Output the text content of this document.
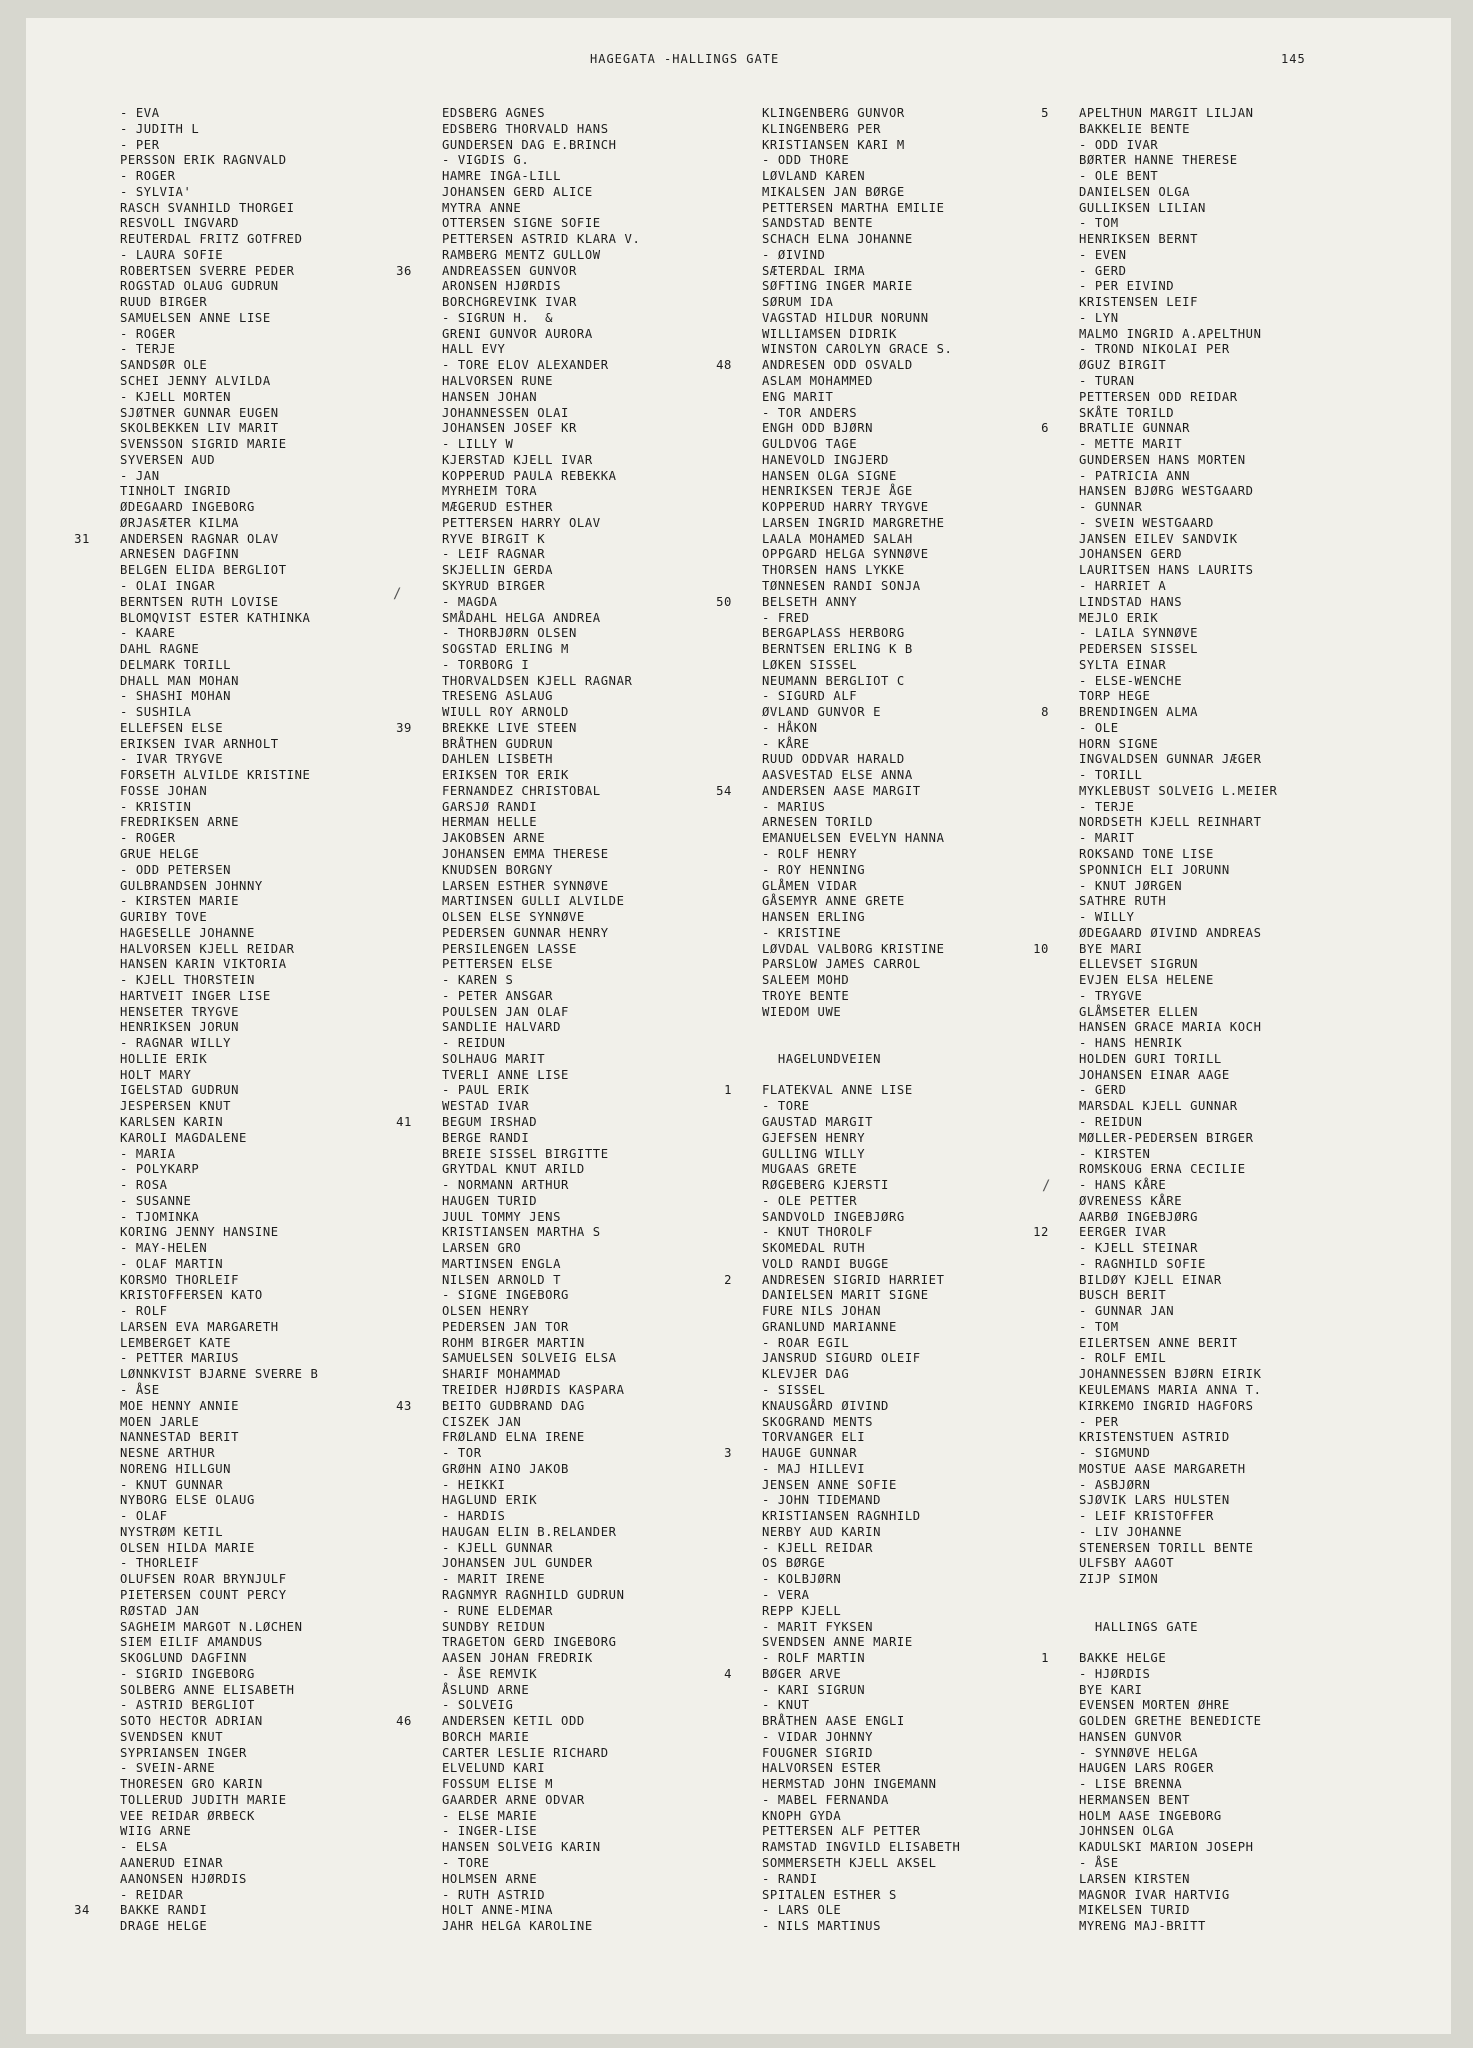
HAGEGATA -HALLINGS GATE	145
- EVA
- JUDITH L
- PER
PERSSON ERIK RAGNVALD
- ROGER
- SYLVIA'
RASCH SVANHILD THORGEI
RESVOLL INGVARD
REUTERDAL FRITZ GOTFRED
- LAURA SOFIE
ROBERTSEN SVERRE PEDER
ROGSTAD OLAUG GUDRUN
RUUD BIRGER
SAMUELSEN ANNE LISE
- ROGER
- TERJE
SANDSØR OLE
SCHEI JENNY ALVILDA
- KJELL MORTEN
SJØTNER GUNNAR EUGEN
SKOLBEKKEN LIV MARIT
SVENSSON SIGRID MARIE
SYVERSEN AUD
- JAN
TINHOLT INGRID
ØDEGAARD INGEBORG
ØRJASÆTER KILMA
31 ANDERSEN RAGNAR OLAV
ARNESEN DAGFINN
BELGEN ELIDA BERGLIOT
- OLAI INGAR
BERNTSEN RUTH LOVISE
BLOMQVIST ESTER KATHINKA
- KAARE
DAHL RAGNE
DELMARK TORILL
DHALL MAN MOHAN
- SHASHI MOHAN
- SUSHILA
ELLEFSEN ELSE
ERIKSEN IVAR ARNHOLT
- IVAR TRYGVE
FORSETH ALVILDE KRISTINE
FOSSE JOHAN
- KRISTIN
FREDRIKSEN ARNE
- ROGER
GRUE HELGE
- ODD PETERSEN
GULBRANDSEN JOHNNY
- KIRSTEN MARIE
GURIBY TOVE
HAGESELLE JOHANNE
HALVORSEN KJELL REIDAR
HANSEN KARIN VIKTORIA
- KJELL THORSTEIN
HARTVEIT INGER LISE
HENSETER TRYGVE
HENRIKSEN JORUN
- RAGNAR WILLY
HOLLIE ERIK
HOLT MARY
IGELSTAD GUDRUN
JESPERSEN KNUT
KARLSEN KARIN
KAROLI MAGDALENE
- MARIA
- POLYKARP
- ROSA
- SUSANNE
- TJOMINKA
KORING JENNY HANSINE
- MAY-HELEN
- OLAF MARTIN
KORSMO THORLEIF
KRISTOFFERSEN KATO
- ROLF
LARSEN EVA MARGARETH
LEMBERGET KATE
- PETTER MARIUS
LØNNKVIST BJARNE SVERRE B
- ÅSE
MOE HENNY ANNIE
MOEN JARLE
NANNESTAD BERIT
NESNE ARTHUR
NORENG HILLGUN
- KNUT GUNNAR
NYBORG ELSE OLAUG
- OLAF
NYSTRØM KETIL
OLSEN HILDA MARIE
- THORLEIF
OLUFSEN ROAR BRYNJULF
PIETERSEN COUNT PERCY
RØSTAD JAN
SAGHEIM MARGOT N.LØCHEN
SIEM EILIF AMANDUS
SKOGLUND DAGFINN
- SIGRID INGEBORG
SOLBERG ANNE ELISABETH
- ASTRID BERGLIOT
SOTO HECTOR ADRIAN
SVENDSEN KNUT
SYPRIANSEN INGER
- SVEIN-ARNE
THORESEN GRO KARIN
TOLLERUD JUDITH MARIE
VEE REIDAR ØRBECK
WIIG ARNE
- ELSA
AANERUD EINAR
AANONSEN HJØRDIS
- REIDAR
34 BAKKE RANDI
DRAGE HELGE
EDSBERG AGNES
EDSBERG THORVALD HANS
GUNDERSEN DAG E.BRINCH
- VIGDIS G.
HAMRE INGA-LILL
JOHANSEN GERD ALICE
MYTRA ANNE
OTTERSEN SIGNE SOFIE
PETTERSEN ASTRID KLARA V.
RAMBERG MENTZ GULLOW
36 ANDREASSEN GUNVOR
ARONSEN HJØRDIS
BORCHGREVINK IVAR
- SIGRUN H.  &
GRENI GUNVOR AURORA
HALL EVY
- TORE ELOV ALEXANDER
HALVORSEN RUNE
HANSEN JOHAN
JOHANNESSEN OLAI
JOHANSEN JOSEF KR
- LILLY W
KJERSTAD KJELL IVAR
KOPPERUD PAULA REBEKKA
MYRHEIM TORA
MÆGERUD ESTHER
PETTERSEN HARRY OLAV
RYVE BIRGIT K
- LEIF RAGNAR
SKJELLIN GERDA
SKYRUD BIRGER
- MAGDA
SMÅDAHL HELGA ANDREA
- THORBJØRN OLSEN
SOGSTAD ERLING M
- TORBORG I
THORVALDSEN KJELL RAGNAR
TRESENG ASLAUG
WIULL ROY ARNOLD
39 BREKKE LIVE STEEN
BRÅTHEN GUDRUN
DAHLEN LISBETH
ERIKSEN TOR ERIK
FERNANDEZ CHRISTOBAL
GARSJØ RANDI
HERMAN HELLE
JAKOBSEN ARNE
JOHANSEN EMMA THERESE
KNUDSEN BORGNY
LARSEN ESTHER SYNNØVE
MARTINSEN GULLI ALVILDE
OLSEN ELSE SYNNØVE
PEDERSEN GUNNAR HENRY
PERSILENGEN LASSE
PETTERSEN ELSE
- KAREN S
- PETER ANSGAR
POULSEN JAN OLAF
SANDLIE HALVARD
- REIDUN
SOLHAUG MARIT
TVERLI ANNE LISE
- PAUL ERIK
WESTAD IVAR
41 BEGUM IRSHAD
BERGE RANDI
BREIE SISSEL BIRGITTE
GRYTDAL KNUT ARILD
- NORMANN ARTHUR
HAUGEN TURID
JUUL TOMMY JENS
KRISTIANSEN MARTHA S
LARSEN GRO
MARTINSEN ENGLA
NILSEN ARNOLD T
- SIGNE INGEBORG
OLSEN HENRY
PEDERSEN JAN TOR
ROHM BIRGER MARTIN
SAMUELSEN SOLVEIG ELSA
SHARIF MOHAMMAD
TREIDER HJØRDIS KASPARA
43 BEITO GUDBRAND DAG
CISZEK JAN
FRØLAND ELNA IRENE
- TOR
GRØHN AINO JAKOB
- HEIKKI
HAGLUND ERIK
- HARDIS
HAUGAN ELIN B.RELANDER
- KJELL GUNNAR
JOHANSEN JUL GUNDER
- MARIT IRENE
RAGNMYR RAGNHILD GUDRUN
- RUNE ELDEMAR
SUNDBY REIDUN
TRAGETON GERD INGEBORG
AASEN JOHAN FREDRIK
- ÅSE REMVIK
ÅSLUND ARNE
- SOLVEIG
46 ANDERSEN KETIL ODD
BORCH MARIE
CARTER LESLIE RICHARD
ELVELUND KARI
FOSSUM ELISE M
GAARDER ARNE ODVAR
- ELSE MARIE
- INGER-LISE
HANSEN SOLVEIG KARIN
- TORE
HOLMSEN ARNE
- RUTH ASTRID
HOLT ANNE-MINA
JAHR HELGA KAROLINE
KLINGENBERG GUNVOR
KLINGENBERG PER
KRISTIANSEN KARI M
- ODD THORE
LØVLAND KAREN
MIKALSEN JAN BØRGE
PETTERSEN MARTHA EMILIE
SANDSTAD BENTE
SCHACH ELNA JOHANNE
- ØIVIND
SÆTERDAL IRMA
SØFTING INGER MARIE
SØRUM IDA
VAGSTAD HILDUR NORUNN
WILLIAMSEN DIDRIK
WINSTON CAROLYN GRACE S.
48 ANDRESEN ODD OSVALD
ASLAM MOHAMMED
ENG MARIT
- TOR ANDERS
ENGH ODD BJØRN
GULDVOG TAGE
HANEVOLD INGJERD
HANSEN OLGA SIGNE
HENRIKSEN TERJE ÅGE
KOPPERUD HARRY TRYGVE
LARSEN INGRID MARGRETHE
LAALA MOHAMED SALAH
OPPGARD HELGA SYNNØVE
THORSEN HANS LYKKE
TØNNESEN RANDI SONJA
50 BELSETH ANNY
- FRED
BERGAPLASS HERBORG
BERNTSEN ERLING K B
LØKEN SISSEL
NEUMANN BERGLIOT C
- SIGURD ALF
ØVLAND GUNVOR E
- HÅKON
- KÅRE
RUUD ODDVAR HARALD
AASVESTAD ELSE ANNA
54 ANDERSEN AASE MARGIT
- MARIUS
ARNESEN TORILD
EMANUELSEN EVELYN HANNA
- ROLF HENRY
- ROY HENNING
GLÅMEN VIDAR
GÅSEMYR ANNE GRETE
HANSEN ERLING
- KRISTINE
LØVDAL VALBORG KRISTINE
PARSLOW JAMES CARROL
SALEEM MOHD
TROYE BENTE
WIEDOM UWE
HAGELUNDVEIEN
1 FLATEKVAL ANNE LISE
- TORE
GAUSTAD MARGIT
GJEFSEN HENRY
GULLING WILLY
MUGAAS GRETE
RØGEBERG KJERSTI
- OLE PETTER
SANDVOLD INGEBJØRG
- KNUT THOROLF
SKOMEDAL RUTH
VOLD RANDI BUGGE
2 ANDRESEN SIGRID HARRIET
DANIELSEN MARIT SIGNE
FURE NILS JOHAN
GRANLUND MARIANNE
- ROAR EGIL
JANSRUD SIGURD OLEIF
KLEVJER DAG
- SISSEL
KNAUSGÅRD ØIVIND
SKOGRAND MENTS
TORVANGER ELI
3 HAUGE GUNNAR
- MAJ HILLEVI
JENSEN ANNE SOFIE
- JOHN TIDEMAND
KRISTIANSEN RAGNHILD
NERBY AUD KARIN
- KJELL REIDAR
OS BØRGE
- KOLBJØRN
- VERA
REPP KJELL
- MARIT FYKSEN
SVENDSEN ANNE MARIE
- ROLF MARTIN
4 BØGER ARVE
- KARI SIGRUN
- KNUT
BRÅTHEN AASE ENGLI
- VIDAR JOHNNY
FOUGNER SIGRID
HALVORSEN ESTER
HERMSTAD JOHN INGEMANN
- MABEL FERNANDA
KNOPH GYDA
PETTERSEN ALF PETTER
RAMSTAD INGVILD ELISABETH
SOMMERSETH KJELL AKSEL
- RANDI
SPITALEN ESTHER S
- LARS OLE
- NILS MARTINUS
5 APELTHUN MARGIT LILJAN
BAKKELIE BENTE
- ODD IVAR
BØRTER HANNE THERESE
- OLE BENT
DANIELSEN OLGA
GULLIKSEN LILIAN
- TOM
HENRIKSEN BERNT
- EVEN
- GERD
- PER EIVIND
KRISTENSEN LEIF
- LYN
MALMO INGRID A.APELTHUN
- TROND NIKOLAI PER
ØGUZ BIRGIT
- TURAN
PETTERSEN ODD REIDAR
SKÅTE TORILD
6 BRATLIE GUNNAR
- METTE MARIT
GUNDERSEN HANS MORTEN
- PATRICIA ANN
HANSEN BJØRG WESTGAARD
- GUNNAR
- SVEIN WESTGAARD
JANSEN EILEV SANDVIK
JOHANSEN GERD
LAURITSEN HANS LAURITS
- HARRIET A
LINDSTAD HANS
MEJLO ERIK
- LAILA SYNNØVE
PEDERSEN SISSEL
SYLTA EINAR
- ELSE-WENCHE
TORP HEGE
8 BRENDINGEN ALMA
- OLE
HORN SIGNE
INGVALDSEN GUNNAR JÆGER
- TORILL
MYKLEBUST SOLVEIG L.MEIER
- TERJE
NORDSETH KJELL REINHART
- MARIT
ROKSAND TONE LISE
SPONNICH ELI JORUNN
- KNUT JØRGEN
SATHRE RUTH
- WILLY
ØDEGAARD ØIVIND ANDREAS
10 BYE MARI
ELLEVSET SIGRUN
EVJEN ELSA HELENE
- TRYGVE
GLÅMSETER ELLEN
HANSEN GRACE MARIA KOCH
- HANS HENRIK
HOLDEN GURI TORILL
JOHANSEN EINAR AAGE
- GERD
MARSDAL KJELL GUNNAR
- REIDUN
MØLLER-PEDERSEN BIRGER
- KIRSTEN
ROMSKOUG ERNA CECILIE
- HANS KÅRE
ØVRENESS KÅRE
AARBØ INGEBJØRG
12 EERGER IVAR
- KJELL STEINAR
- RAGNHILD SOFIE
BILDØY KJELL EINAR
BUSCH BERIT
- GUNNAR JAN
- TOM
EILERTSEN ANNE BERIT
- ROLF EMIL
JOHANNESSEN BJØRN EIRIK
KEULEMANS MARIA ANNA T.
KIRKEMO INGRID HAGFORS
- PER
KRISTENSTUEN ASTRID
- SIGMUND
MOSTUE AASE MARGARETH
- ASBJØRN
SJØVIK LARS HULSTEN
- LEIF KRISTOFFER
- LIV JOHANNE
STENERSEN TORILL BENTE
ULFSBY AAGOT
ZIJP SIMON
HALLINGS GATE
1 BAKKE HELGE
- HJØRDIS
BYE KARI
EVENSEN MORTEN ØHRE
GOLDEN GRETHE BENEDICTE
HANSEN GUNVOR
- SYNNØVE HELGA
HAUGEN LARS ROGER
- LISE BRENNA
HERMANSEN BENT
HOLM AASE INGEBORG
JOHNSEN OLGA
KADULSKI MARION JOSEPH
- ÅSE
LARSEN KIRSTEN
MAGNOR IVAR HARTVIG
MIKELSEN TURID
MYRENG MAJ-BRITT
/
/
